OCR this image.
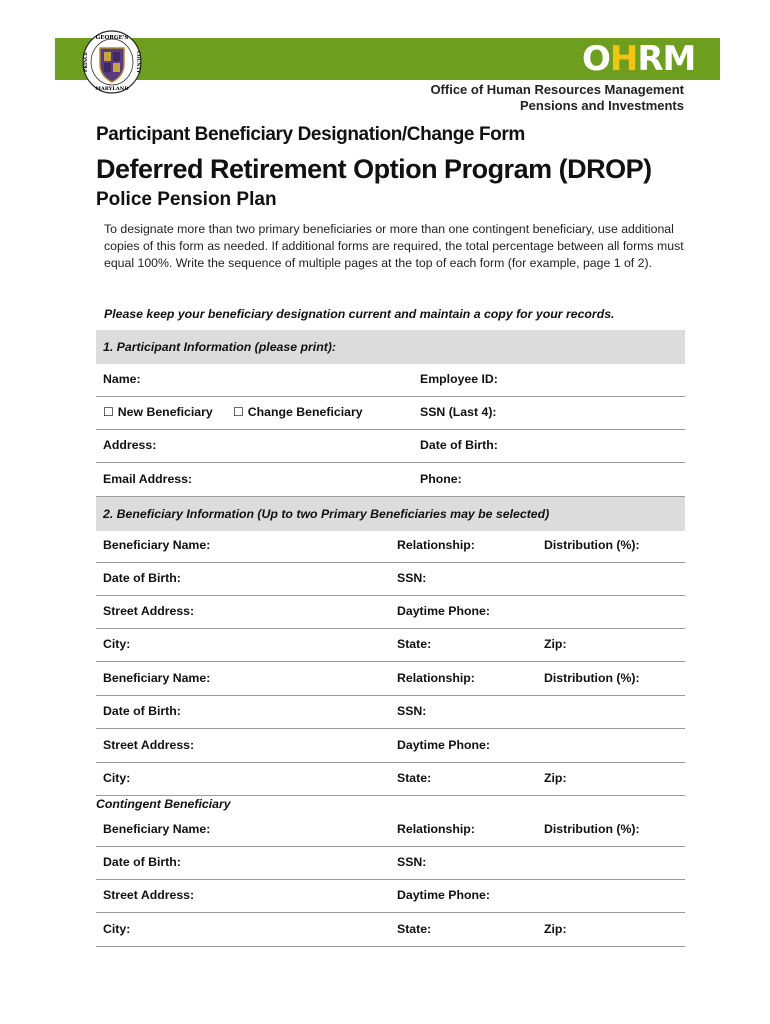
GEORGE'S
MARYLAND
PRINCE	COUNTY	OHRM
Office of Human Resources Management
Pensions and Investments
Participant Beneficiary Designation/Change Form
Deferred Retirement Option Program (DROP)
Police Pension Plan
To designate more than two primary beneficiaries or more than one contingent beneficiary, use additional copies of this form as needed. If additional forms are required, the total percentage between all forms must equal 100%. Write the sequence of multiple pages at the top of each form (for example, page 1 of 2).
Please keep your beneficiary designation current and maintain a copy for your records.
1. Participant Information (please print):
Name:	Employee ID:
☐ New Beneficiary ☐ Change Beneficiary	SSN (Last 4):
Address:	Date of Birth:
Email Address:	Phone:
2. Beneficiary Information (Up to two Primary Beneficiaries may be selected)
Beneficiary Name:	Relationship:	Distribution (%):
Date of Birth:	SSN:
Street Address:	Daytime Phone:
City:	State:	Zip:
Beneficiary Name:	Relationship:	Distribution (%):
Date of Birth:	SSN:
Street Address:	Daytime Phone:
City:	State:	Zip:
Contingent Beneficiary
Beneficiary Name:	Relationship:	Distribution (%):
Date of Birth:	SSN:
Street Address:	Daytime Phone:
City:	State:	Zip:
